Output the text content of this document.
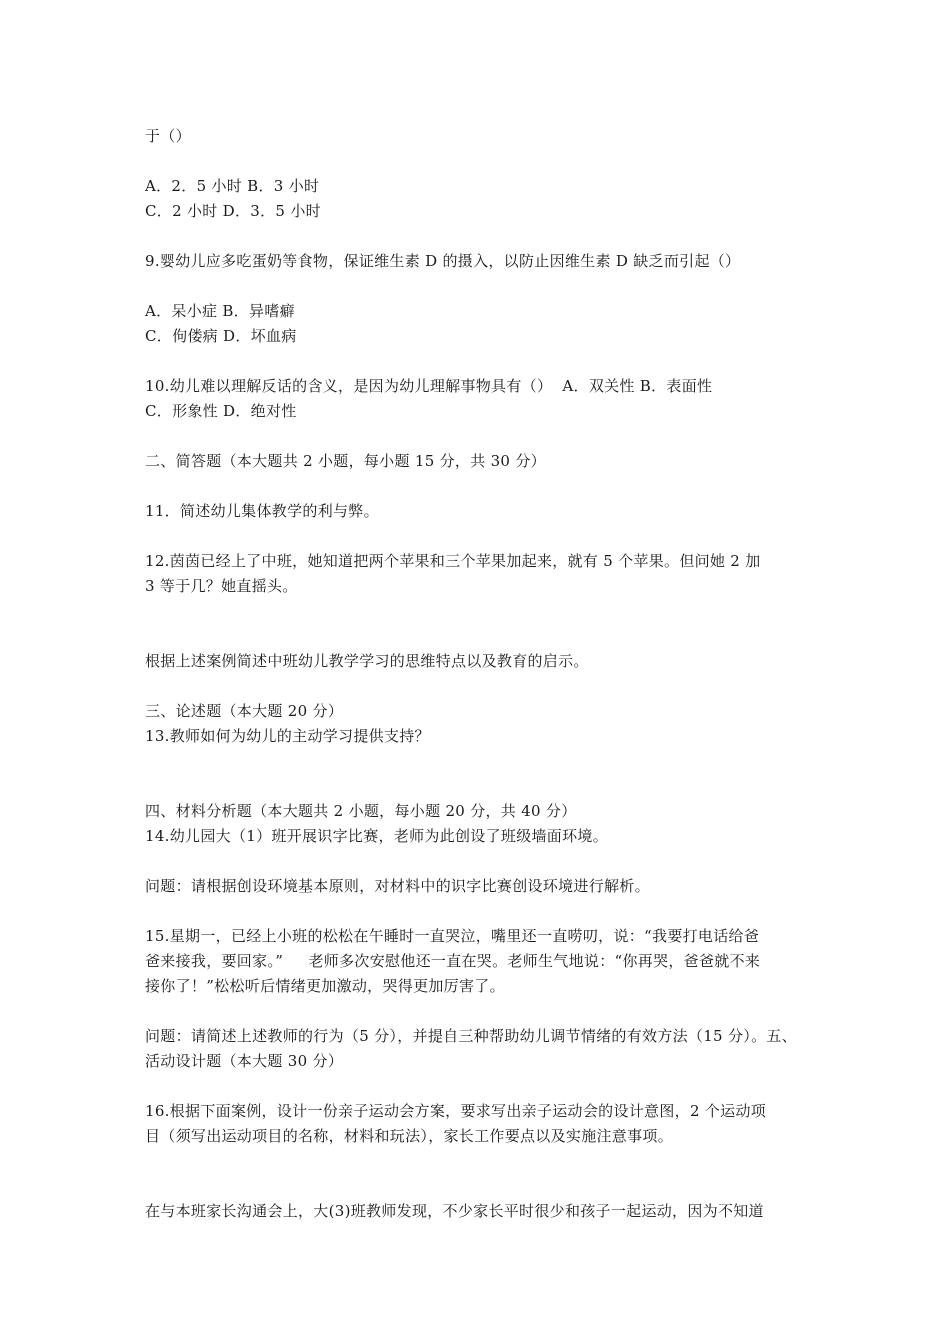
于（）

A．2．5 小时 B．3 小时

C．2 小时 D．3．5 小时

9.婴幼儿应多吃蛋奶等食物，保证维生素 D 的摄入，以防止因维生素 D 缺乏而引起（）

A．呆小症 B．异嗜癖

C．佝偻病 D．坏血病

10.幼儿难以理解反话的含义，是因为幼儿理解事物具有（）  A．双关性 B．表面性

C．形象性 D．绝对性

二、简答题（本大题共 2 小题，每小题 15 分，共 30 分）

11．简述幼儿集体教学的利与弊。

12.茵茵已经上了中班，她知道把两个苹果和三个苹果加起来，就有 5 个苹果。但问她 2 加

3 等于几？她直摇头。

根据上述案例简述中班幼儿教学学习的思维特点以及教育的启示。

三、论述题（本大题 20 分）

13.教师如何为幼儿的主动学习提供支持？

四、材料分析题（本大题共 2 小题，每小题 20 分，共 40 分）

14.幼儿园大（1）班开展识字比赛，老师为此创设了班级墙面环境。

问题：请根据创设环境基本原则，对材料中的识字比赛创设环境进行解析。

15.星期一，已经上小班的松松在午睡时一直哭泣，嘴里还一直唠叨，说：“我要打电话给爸

爸来接我，要回家。”     老师多次安慰他还一直在哭。老师生气地说：“你再哭，爸爸就不来

接你了！”松松听后情绪更加激动，哭得更加厉害了。

问题：请简述上述教师的行为（5 分），并提自三种帮助幼儿调节情绪的有效方法（15 分）。五、

活动设计题（本大题 30 分）

16.根据下面案例，设计一份亲子运动会方案，要求写出亲子运动会的设计意图，2 个运动项

目（须写出运动项目的名称，材料和玩法），家长工作要点以及实施注意事项。

在与本班家长沟通会上，大(3)班教师发现，不少家长平时很少和孩子一起运动，因为不知道
